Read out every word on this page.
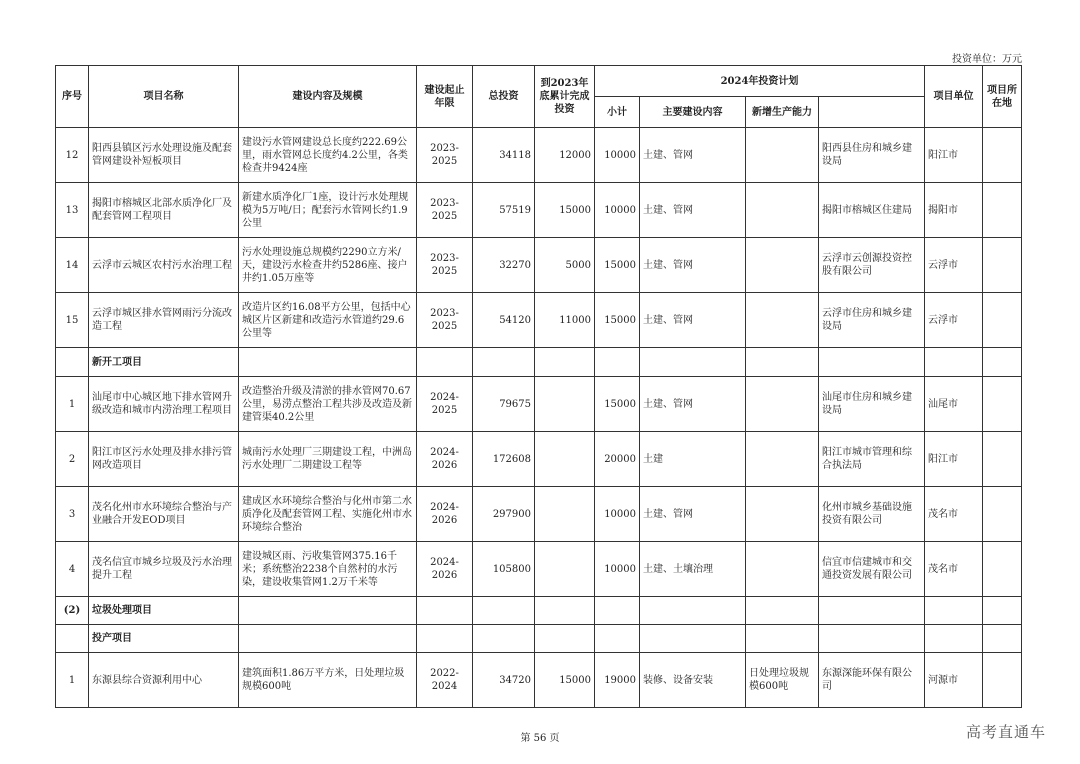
投资单位：万元
序号	项目名称	建设内容及规模	建设起止年限	总投资	到2023年底累计完成投资	2024年投资计划				项目单位	项目所在地	
						小计	主要建设内容	新增生产能力				
12	阳西县镇区污水处理设施及配套管网建设补短板项目	建设污水管网建设总长度约222.69公里，雨水管网总长度约4.2公里，各类检查井9424座	2023-2025	34118	12000	10000	土建、管网		阳西县住房和城乡建设局	阳江市		
13	揭阳市榕城区北部水质净化厂及配套管网工程项目	新建水质净化厂1座，设计污水处理规模为5万吨/日；配套污水管网长约1.9公里	2023-2025	57519	15000	10000	土建、管网		揭阳市榕城区住建局	揭阳市		
14	云浮市云城区农村污水治理工程	污水处理设施总规模约2290立方米/天，建设污水检查井约5286座、接户井约1.05万座等	2023-2025	32270	5000	15000	土建、管网		云浮市云创源投资控股有限公司	云浮市		
15	云浮市城区排水管网雨污分流改造工程	改造片区约16.08平方公里，包括中心城区片区新建和改造污水管道约29.6公里等	2023-2025	54120	11000	15000	土建、管网		云浮市住房和城乡建设局	云浮市		
	新开工项目											
1	汕尾市中心城区地下排水管网升级改造和城市内涝治理工程项目	改造整治升级及清淤的排水管网70.67公里，易涝点整治工程共涉及改造及新建管渠40.2公里	2024-2025	79675		15000	土建、管网		汕尾市住房和城乡建设局	汕尾市		
2	阳江市区污水处理及排水排污管网改造项目	城南污水处理厂三期建设工程，中洲岛污水处理厂二期建设工程等	2024-2026	172608		20000	土建		阳江市城市管理和综合执法局	阳江市		
3	茂名化州市水环境综合整治与产业融合开发EOD项目	建成区水环境综合整治与化州市第二水质净化及配套管网工程、实施化州市水环境综合整治	2024-2026	297900		10000	土建、管网		化州市城乡基础设施投资有限公司	茂名市		
4	茂名信宜市城乡垃圾及污水治理提升工程	建设城区雨、污收集管网375.16千米；系统整治2238个自然村的水污染，建设收集管网1.2万千米等	2024-2026	105800		10000	土建、土壤治理		信宜市信建城市和交通投资发展有限公司	茂名市		
(2)	垃圾处理项目											
	投产项目											
1	东源县综合资源利用中心	建筑面积1.86万平方米，日处理垃圾规模600吨	2022-2024	34720	15000	19000	装修、设备安装	日处理垃圾规模600吨	东源深能环保有限公司	河源市		
第 56 页	高考直通车
